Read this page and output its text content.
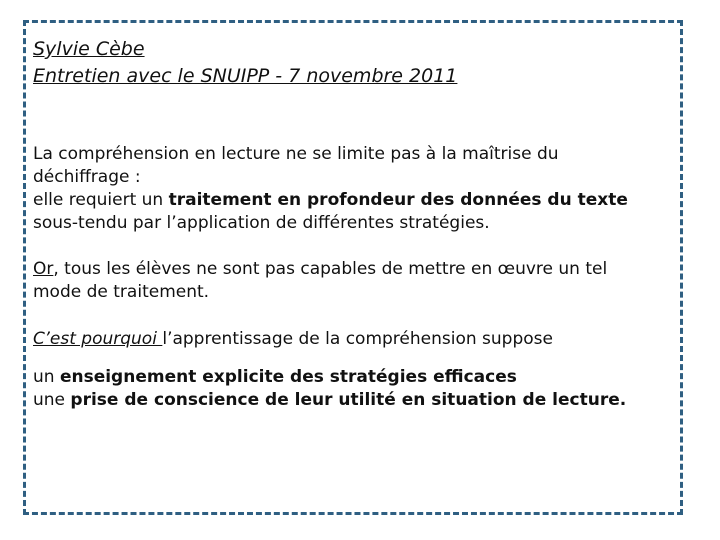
Sylvie Cèbe
Entretien avec le SNUIPP - 7 novembre 2011
La compréhension en lecture ne se limite pas à la maîtrise du
déchiffrage :
elle requiert un traitement en profondeur des données du texte
sous-tendu par l’application de différentes stratégies.
Or, tous les élèves ne sont pas capables de mettre en œuvre un tel
mode de traitement.
C’est pourquoi l’apprentissage de la compréhension suppose
un enseignement explicite des stratégies efficaces
une prise de conscience de leur utilité en situation de lecture.
